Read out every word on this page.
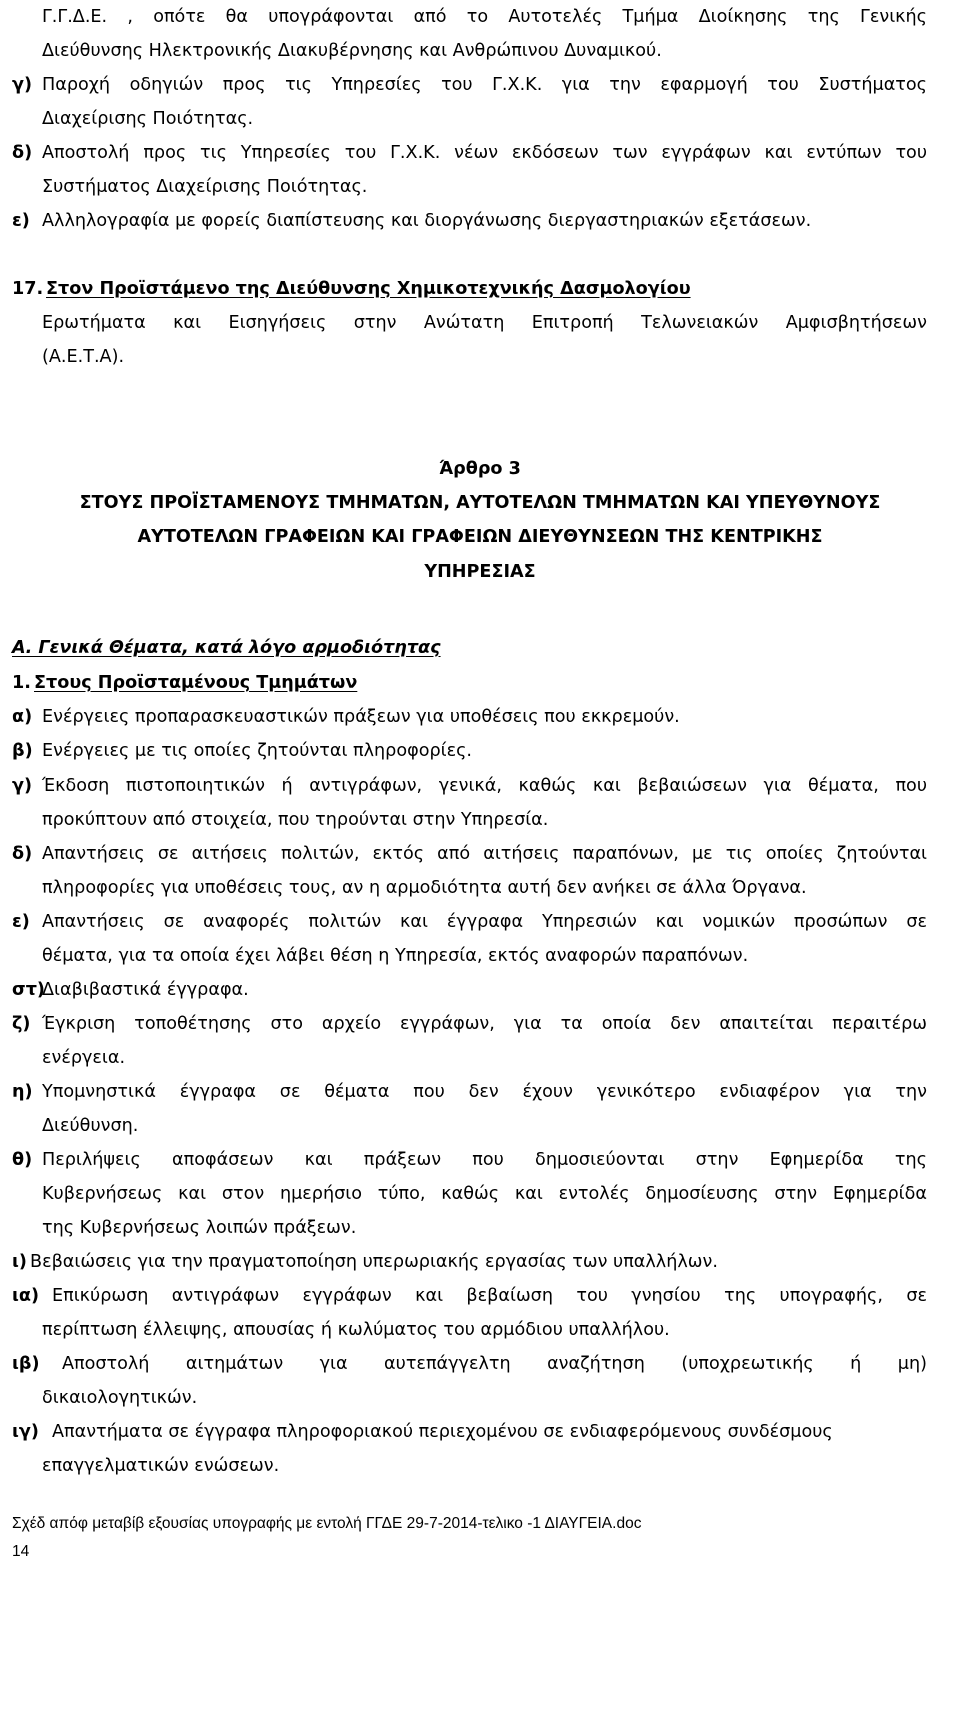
Γ.Γ.Δ.Ε. , οπότε θα υπογράφονται από το Αυτοτελές Τμήμα Διοίκησης της Γενικής
Διεύθυνσης Ηλεκτρονικής Διακυβέρνησης και Ανθρώπινου Δυναμικού.
γ) Παροχή οδηγιών προς τις Υπηρεσίες του Γ.Χ.Κ. για την εφαρμογή του Συστήματος
Διαχείρισης Ποιότητας.
δ) Αποστολή προς τις Υπηρεσίες του Γ.Χ.Κ. νέων εκδόσεων των εγγράφων και εντύπων του
Συστήματος Διαχείρισης Ποιότητας.
ε) Αλληλογραφία με φορείς διαπίστευσης και διοργάνωσης διεργαστηριακών εξετάσεων.
17. Στον Προϊστάμενο της Διεύθυνσης Χημικοτεχνικής Δασμολογίου
Ερωτήματα και Εισηγήσεις στην Ανώτατη Επιτροπή Τελωνειακών Αμφισβητήσεων
(Α.Ε.Τ.Α).
Άρθρο 3
ΣΤΟΥΣ ΠΡΟΪΣΤΑΜΕΝΟΥΣ ΤΜΗΜΑΤΩΝ, ΑΥΤΟΤΕΛΩΝ ΤΜΗΜΑΤΩΝ ΚΑΙ ΥΠΕΥΘΥΝΟΥΣ
ΑΥΤΟΤΕΛΩΝ ΓΡΑΦΕΙΩΝ ΚΑΙ ΓΡΑΦΕΙΩΝ ΔΙΕΥΘΥΝΣΕΩΝ ΤΗΣ ΚΕΝΤΡΙΚΗΣ
ΥΠΗΡΕΣΙΑΣ
Α. Γενικά Θέματα, κατά λόγο αρμοδιότητας
1. Στους Προϊσταμένους Τμημάτων
α) Ενέργειες προπαρασκευαστικών πράξεων για υποθέσεις που εκκρεμούν.
β) Ενέργειες με τις οποίες ζητούνται πληροφορίες.
γ) Έκδοση πιστοποιητικών ή αντιγράφων, γενικά, καθώς και βεβαιώσεων για θέματα, που
προκύπτουν από στοιχεία, που τηρούνται στην Υπηρεσία.
δ) Απαντήσεις σε αιτήσεις πολιτών, εκτός από αιτήσεις παραπόνων, με τις οποίες ζητούνται
πληροφορίες για υποθέσεις τους, αν η αρμοδιότητα αυτή δεν ανήκει σε άλλα Όργανα.
ε) Απαντήσεις σε αναφορές πολιτών και έγγραφα Υπηρεσιών και νομικών προσώπων σε
θέματα, για τα οποία έχει λάβει θέση η Υπηρεσία, εκτός αναφορών παραπόνων.
στ)
Διαβιβαστικά έγγραφα.
ζ) Έγκριση τοποθέτησης στο αρχείο εγγράφων, για τα οποία δεν απαιτείται περαιτέρω
ενέργεια.
η) Υπομνηστικά έγγραφα σε θέματα που δεν έχουν γενικότερο ενδιαφέρον για την
Διεύθυνση.
θ) Περιλήψεις αποφάσεων και πράξεων που δημοσιεύονται στην Εφημερίδα της
Κυβερνήσεως και στον ημερήσιο τύπο, καθώς και εντολές δημοσίευσης στην Εφημερίδα
της Κυβερνήσεως λοιπών πράξεων.
ι) Βεβαιώσεις για την πραγματοποίηση υπερωριακής εργασίας των υπαλλήλων.
ια) Επικύρωση αντιγράφων εγγράφων και βεβαίωση του γνησίου της υπογραφής, σε
περίπτωση έλλειψης, απουσίας ή κωλύματος του αρμόδιου υπαλλήλου.
ιβ) Αποστολή αιτημάτων για αυτεπάγγελτη αναζήτηση (υποχρεωτικής ή μη)
δικαιολογητικών.
ιγ) Απαντήματα σε έγγραφα πληροφοριακού περιεχομένου σε ενδιαφερόμενους συνδέσμους
επαγγελματικών ενώσεων.
Σχέδ απόφ μεταβίβ εξουσίας υπογραφής με εντολή ΓΓΔΕ 29-7-2014-τελικο -1 ΔΙΑΥΓΕΙΑ.doc
14
